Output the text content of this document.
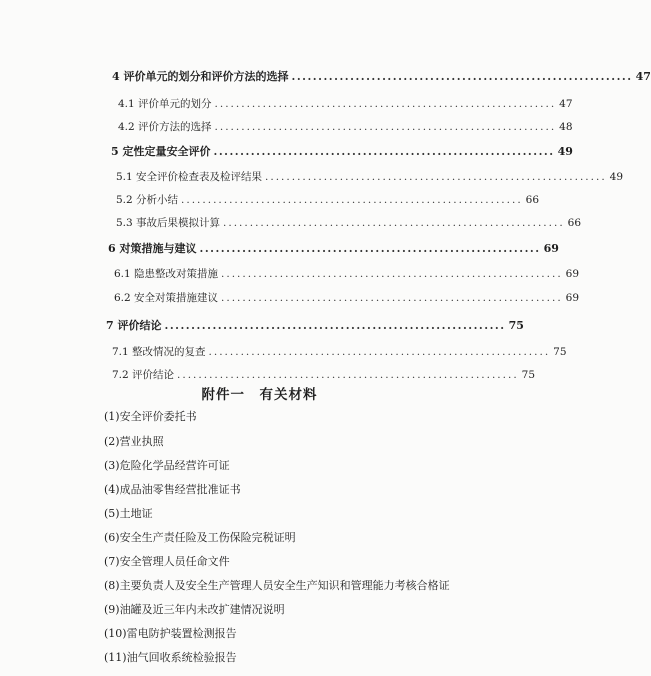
4 评价单元的划分和评价方法的选择 ................................................................ 47
4.1 评价单元的划分 ................................................................ 47
4.2 评价方法的选择 ................................................................ 48
5 定性定量安全评价 ................................................................ 49
5.1 安全评价检查表及检评结果 ................................................................ 49
5.2 分析小结 ................................................................ 66
5.3 事故后果模拟计算 ................................................................ 66
6 对策措施与建议 ................................................................ 69
6.1 隐患整改对策措施 ................................................................ 69
6.2 安全对策措施建议 ................................................................ 69
7 评价结论 ................................................................ 75
7.1 整改情况的复查 ................................................................ 75
7.2 评价结论 ................................................................ 75
附件一　有关材料
(1)安全评价委托书
(2)营业执照
(3)危险化学品经营许可证
(4)成品油零售经营批准证书
(5)土地证
(6)安全生产责任险及工伤保险完税证明
(7)安全管理人员任命文件
(8)主要负责人及安全生产管理人员安全生产知识和管理能力考核合格证
(9)油罐及近三年内未改扩建情况说明
(10)雷电防护装置检测报告
(11)油气回收系统检验报告
